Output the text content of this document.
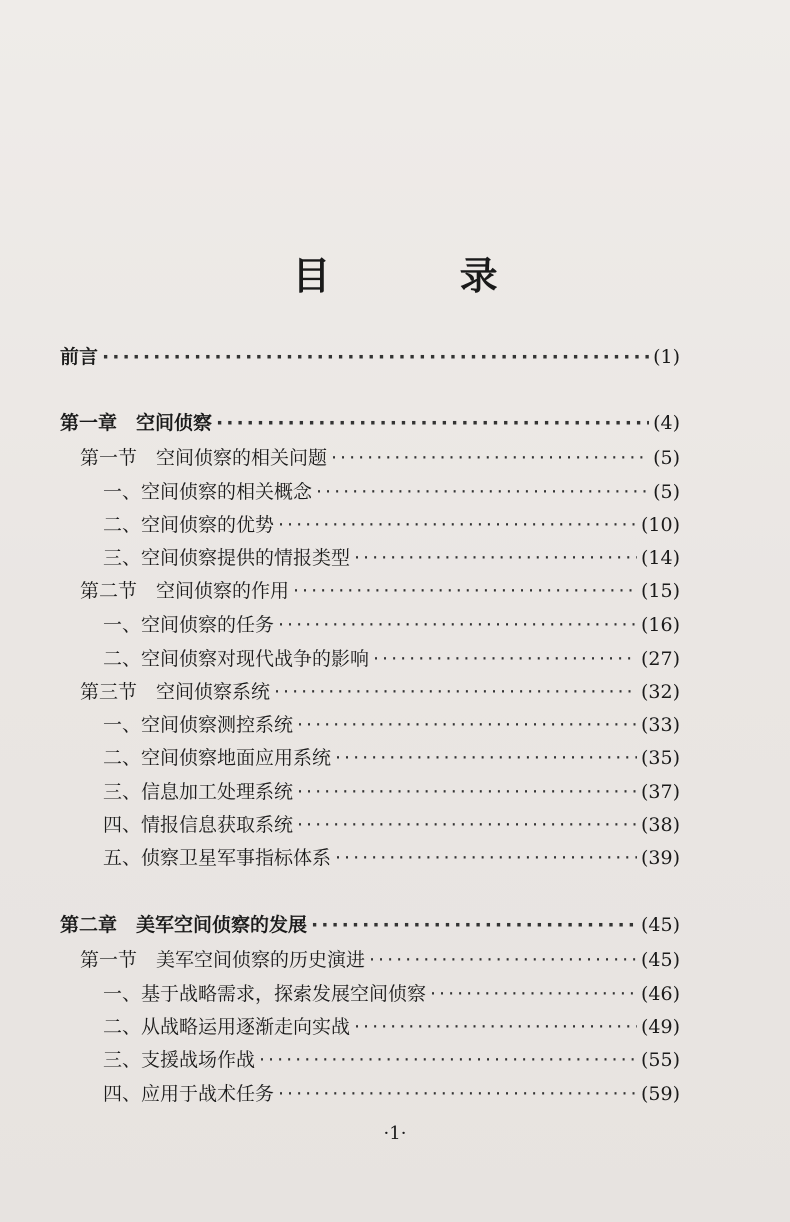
目 录
前言 ·····	(1)
第一章　空间侦察 ·····	(4)
第一节　空间侦察的相关问题 ·····	(5)
一、空间侦察的相关概念 ·····	(5)
二、空间侦察的优势 ·····	(10)
三、空间侦察提供的情报类型 ·····	(14)
第二节　空间侦察的作用 ·····	(15)
一、空间侦察的任务 ·····	(16)
二、空间侦察对现代战争的影响 ·····	(27)
第三节　空间侦察系统 ·····	(32)
一、空间侦察测控系统 ·····	(33)
二、空间侦察地面应用系统 ·····	(35)
三、信息加工处理系统 ·····	(37)
四、情报信息获取系统 ·····	(38)
五、侦察卫星军事指标体系 ·····	(39)
第二章　美军空间侦察的发展 ·····	(45)
第一节　美军空间侦察的历史演进 ·····	(45)
一、基于战略需求，探索发展空间侦察 ·····	(46)
二、从战略运用逐渐走向实战 ·····	(49)
三、支援战场作战 ·····	(55)
四、应用于战术任务 ·····	(59)
·1·
